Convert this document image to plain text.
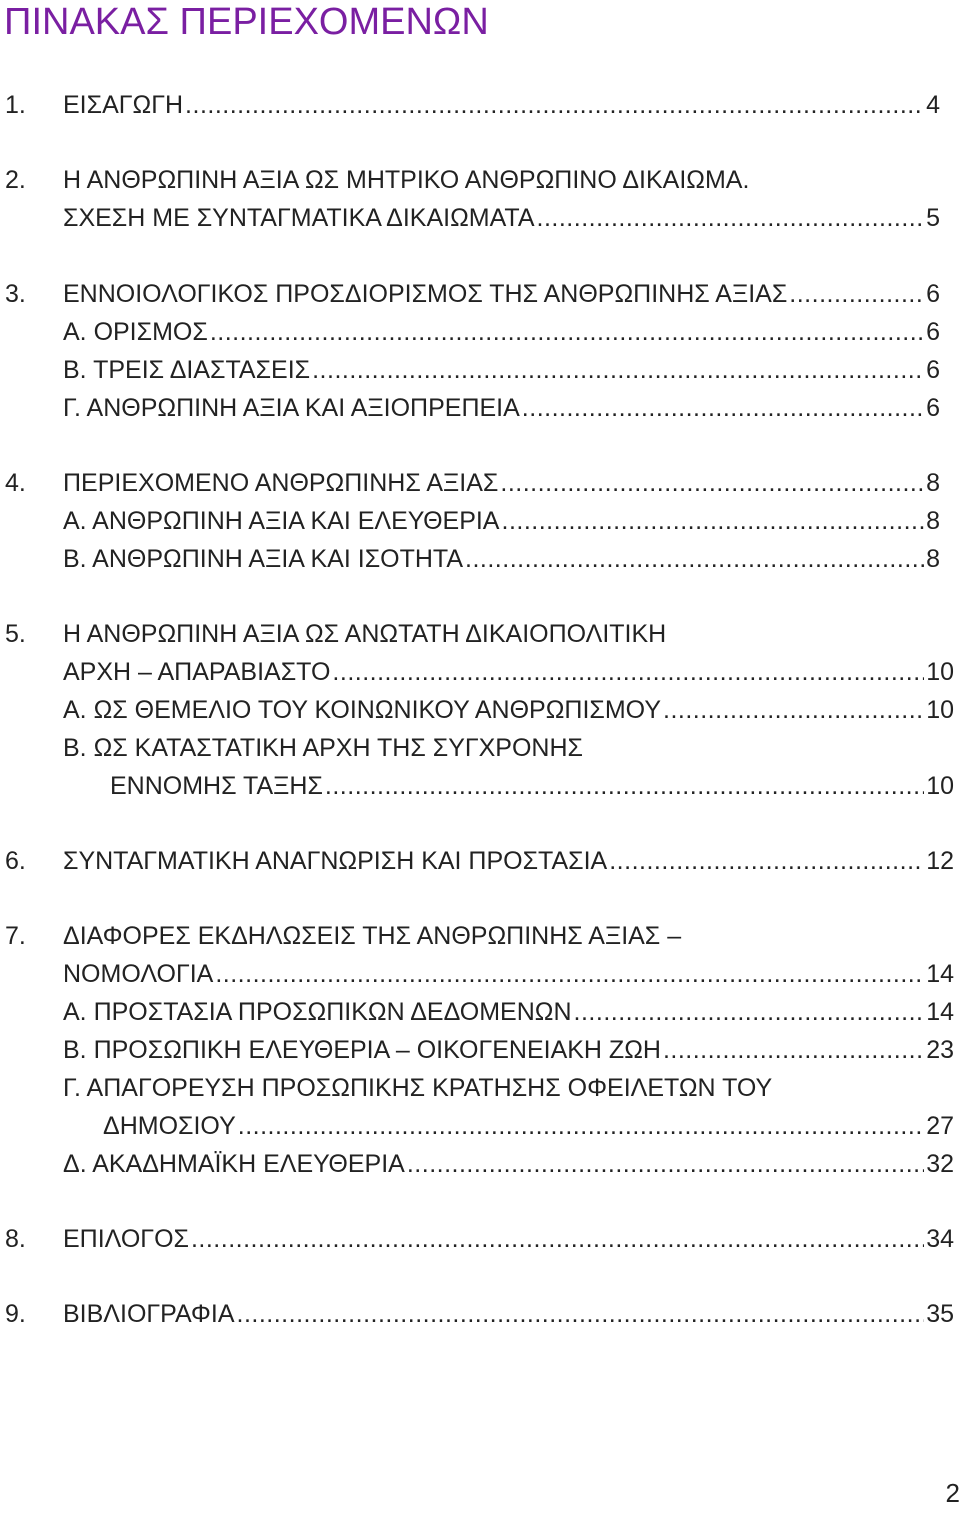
ΠΙΝΑΚΑΣ ΠΕΡΙΕΧΟΜΕΝΩΝ
1. ΕΙΣΑΓΩΓΗ .....	4
2. Η ΑΝΘΡΩΠΙΝΗ ΑΞΙΑ ΩΣ ΜΗΤΡΙΚΟ ΑΝΘΡΩΠΙΝΟ ΔΙΚΑΙΩΜΑ.
ΣΧΕΣΗ ΜΕ ΣΥΝΤΑΓΜΑΤΙΚΑ ΔΙΚΑΙΩΜΑΤΑ .....	5
3. ΕΝΝΟΙΟΛΟΓΙΚΟΣ ΠΡΟΣΔΙΟΡΙΣΜΟΣ ΤΗΣ ΑΝΘΡΩΠΙΝΗΣ ΑΞΙΑΣ .....	6
Α. ΟΡΙΣΜΟΣ .....	6
Β. ΤΡΕΙΣ ΔΙΑΣΤΑΣΕΙΣ .....	6
Γ. ΑΝΘΡΩΠΙΝΗ ΑΞΙΑ ΚΑΙ ΑΞΙΟΠΡΕΠΕΙΑ .....	6
4. ΠΕΡΙΕΧΟΜΕΝΟ ΑΝΘΡΩΠΙΝΗΣ ΑΞΙΑΣ .....	8
Α. ΑΝΘΡΩΠΙΝΗ ΑΞΙΑ ΚΑΙ ΕΛΕΥΘΕΡΙΑ .....	8
Β. ΑΝΘΡΩΠΙΝΗ ΑΞΙΑ ΚΑΙ ΙΣΟΤΗΤΑ .....	8
5. Η ΑΝΘΡΩΠΙΝΗ ΑΞΙΑ ΩΣ ΑΝΩΤΑΤΗ ΔΙΚΑΙΟΠΟΛΙΤΙΚΗ
ΑΡΧΗ – ΑΠΑΡΑΒΙΑΣΤΟ .....	10
Α. ΩΣ ΘΕΜΕΛΙΟ ΤΟΥ ΚΟΙΝΩΝΙΚΟΥ ΑΝΘΡΩΠΙΣΜΟΥ .....	10
Β. ΩΣ ΚΑΤΑΣΤΑΤΙΚΗ ΑΡΧΗ ΤΗΣ ΣΥΓΧΡΟΝΗΣ
ΕΝΝΟΜΗΣ ΤΑΞΗΣ .....	10
6. ΣΥΝΤΑΓΜΑΤΙΚΗ ΑΝΑΓΝΩΡΙΣΗ ΚΑΙ ΠΡΟΣΤΑΣΙΑ .....	12
7. ΔΙΑΦΟΡΕΣ ΕΚΔΗΛΩΣΕΙΣ ΤΗΣ ΑΝΘΡΩΠΙΝΗΣ ΑΞΙΑΣ –
ΝΟΜΟΛΟΓΙΑ .....	14
Α. ΠΡΟΣΤΑΣΙΑ ΠΡΟΣΩΠΙΚΩΝ ΔΕΔΟΜΕΝΩΝ .....	14
Β. ΠΡΟΣΩΠΙΚΗ ΕΛΕΥΘΕΡΙΑ – ΟΙΚΟΓΕΝΕΙΑΚΗ ΖΩΗ .....	23
Γ. ΑΠΑΓΟΡΕΥΣΗ ΠΡΟΣΩΠΙΚΗΣ ΚΡΑΤΗΣΗΣ ΟΦΕΙΛΕΤΩΝ ΤΟΥ
ΔΗΜΟΣΙΟΥ .....	27
Δ. ΑΚΑΔΗΜΑΪΚΗ ΕΛΕΥΘΕΡΙΑ .....	32
8. ΕΠΙΛΟΓΟΣ .....	34
9. ΒΙΒΛΙΟΓΡΑΦΙΑ .....	35
2
